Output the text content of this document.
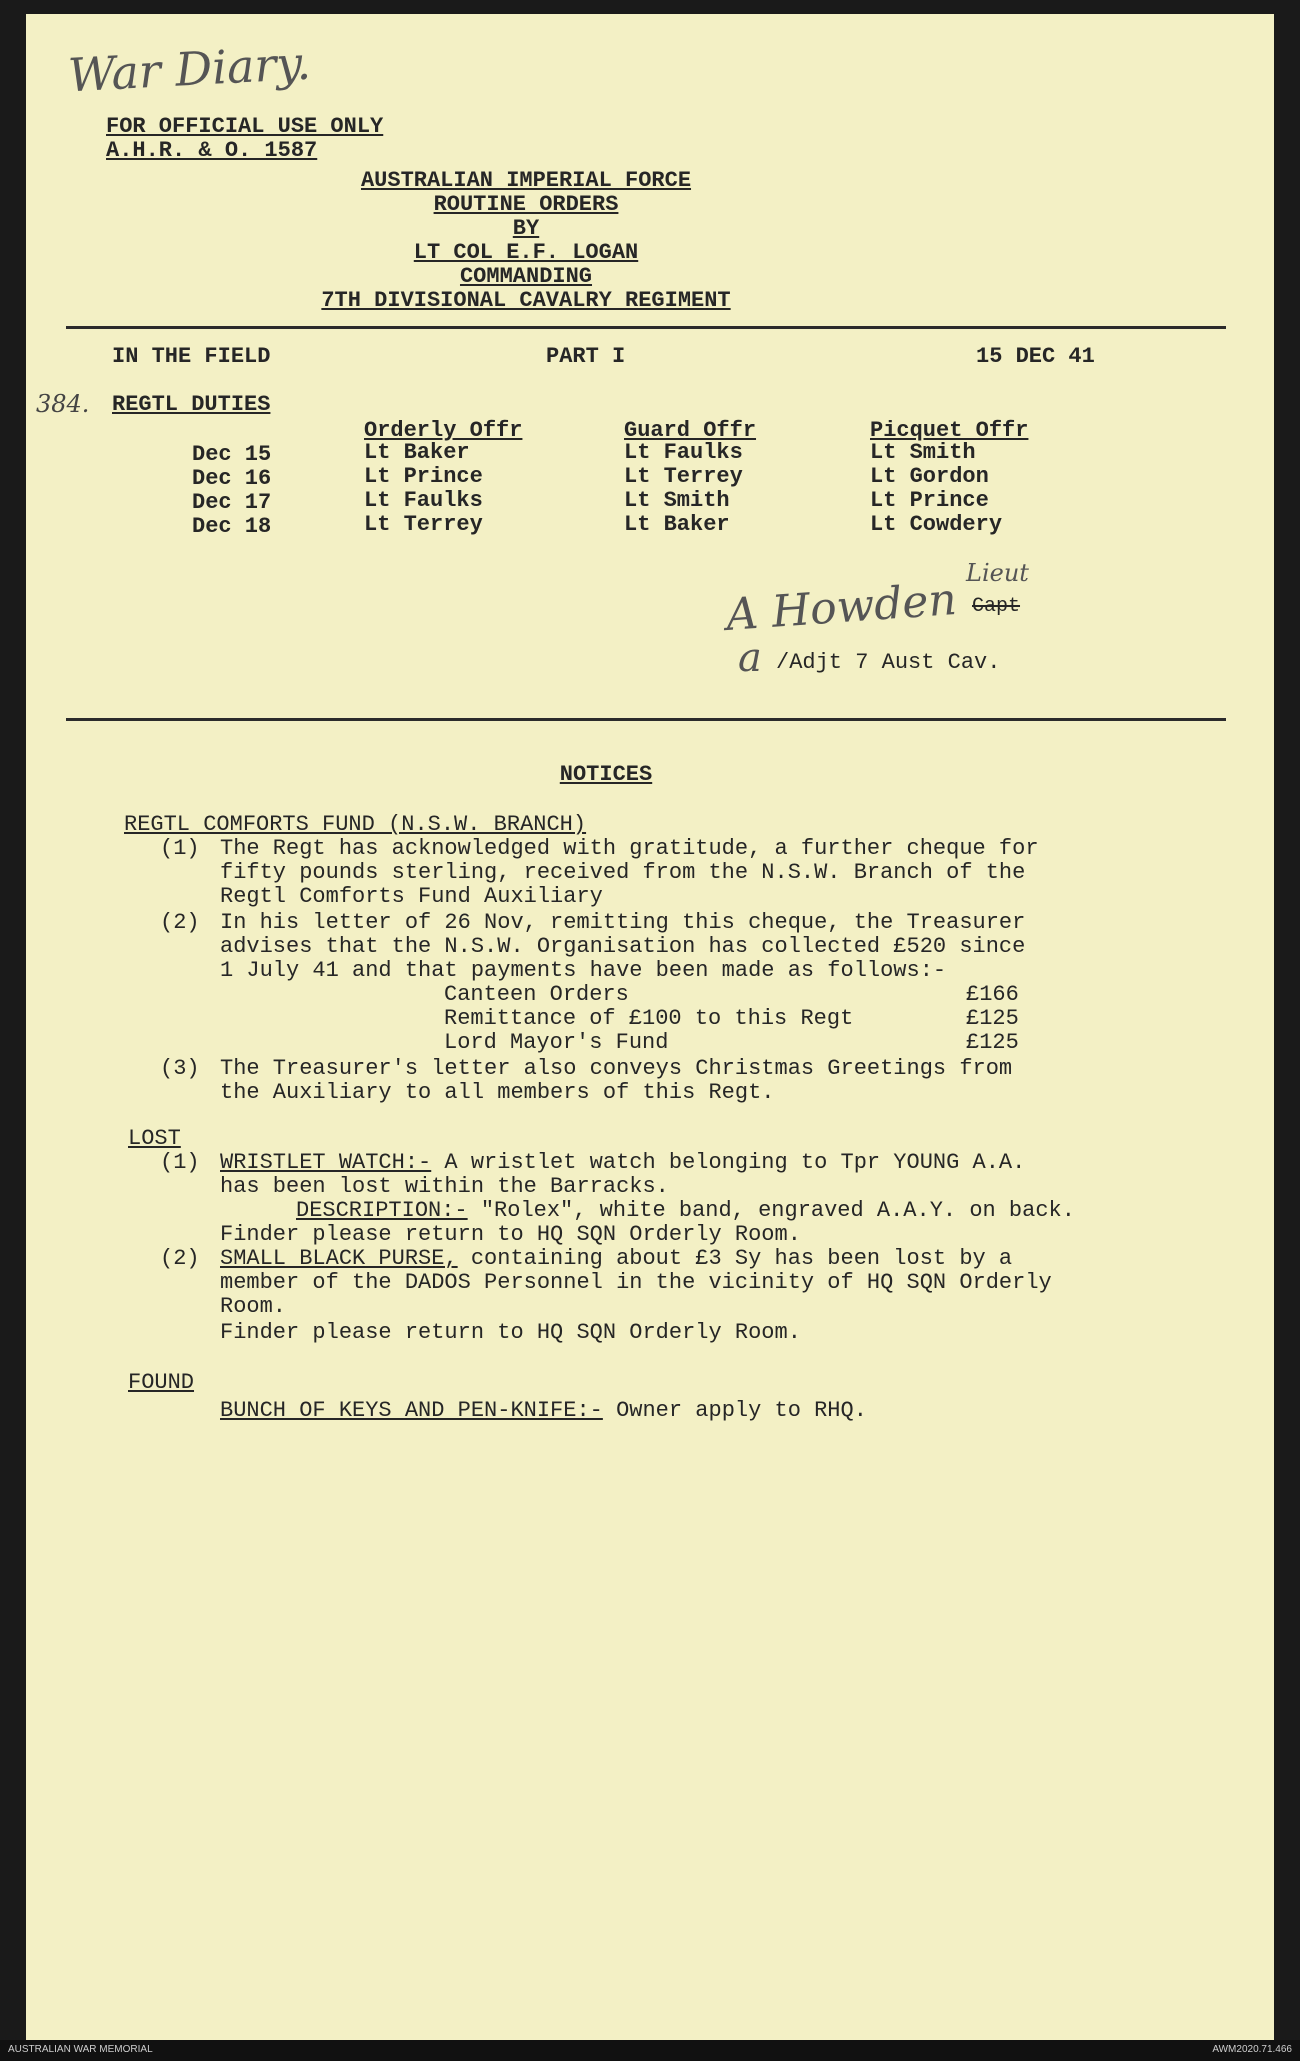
War Diary.
FOR OFFICIAL USE ONLY
A.H.R. & O. 1587
AUSTRALIAN IMPERIAL FORCE
ROUTINE ORDERS
BY
LT COL E.F. LOGAN
COMMANDING
7TH DIVISIONAL CAVALRY REGIMENT
IN THE FIELD	PART I	15 DEC 41
384. REGTL DUTIES
Orderly Offr	Guard Offr	Picquet Offr
Dec 15	Lt Baker	Lt Faulks	Lt Smith
Dec 16	Lt Prince	Lt Terrey	Lt Gordon
Dec 17	Lt Faulks	Lt Smith	Lt Prince
Dec 18	Lt Terrey	Lt Baker	Lt Cowdery
A Howden
Lieut
Capt
a /Adjt 7 Aust Cav.
NOTICES
REGTL COMFORTS FUND (N.S.W. BRANCH)
(1) The Regt has acknowledged with gratitude, a further cheque for
fifty pounds sterling, received from the N.S.W. Branch of the
Regtl Comforts Fund Auxiliary
(2) In his letter of 26 Nov, remitting this cheque, the Treasurer
advises that the N.S.W. Organisation has collected £520 since
1 July 41 and that payments have been made as follows:-
Canteen Orders	£166
Remittance of £100 to this Regt	£125
Lord Mayor's Fund	£125
(3) The Treasurer's letter also conveys Christmas Greetings from
the Auxiliary to all members of this Regt.
LOST
(1) WRISTLET WATCH:- A wristlet watch belonging to Tpr YOUNG A.A.
has been lost within the Barracks.
DESCRIPTION:- "Rolex", white band, engraved A.A.Y. on back.
Finder please return to HQ SQN Orderly Room.
(2) SMALL BLACK PURSE, containing about £3 Sy has been lost by a
member of the DADOS Personnel in the vicinity of HQ SQN Orderly
Room.
Finder please return to HQ SQN Orderly Room.
FOUND
BUNCH OF KEYS AND PEN-KNIFE:- Owner apply to RHQ.
AUSTRALIAN WAR MEMORIAL	AWM2020.71.466
